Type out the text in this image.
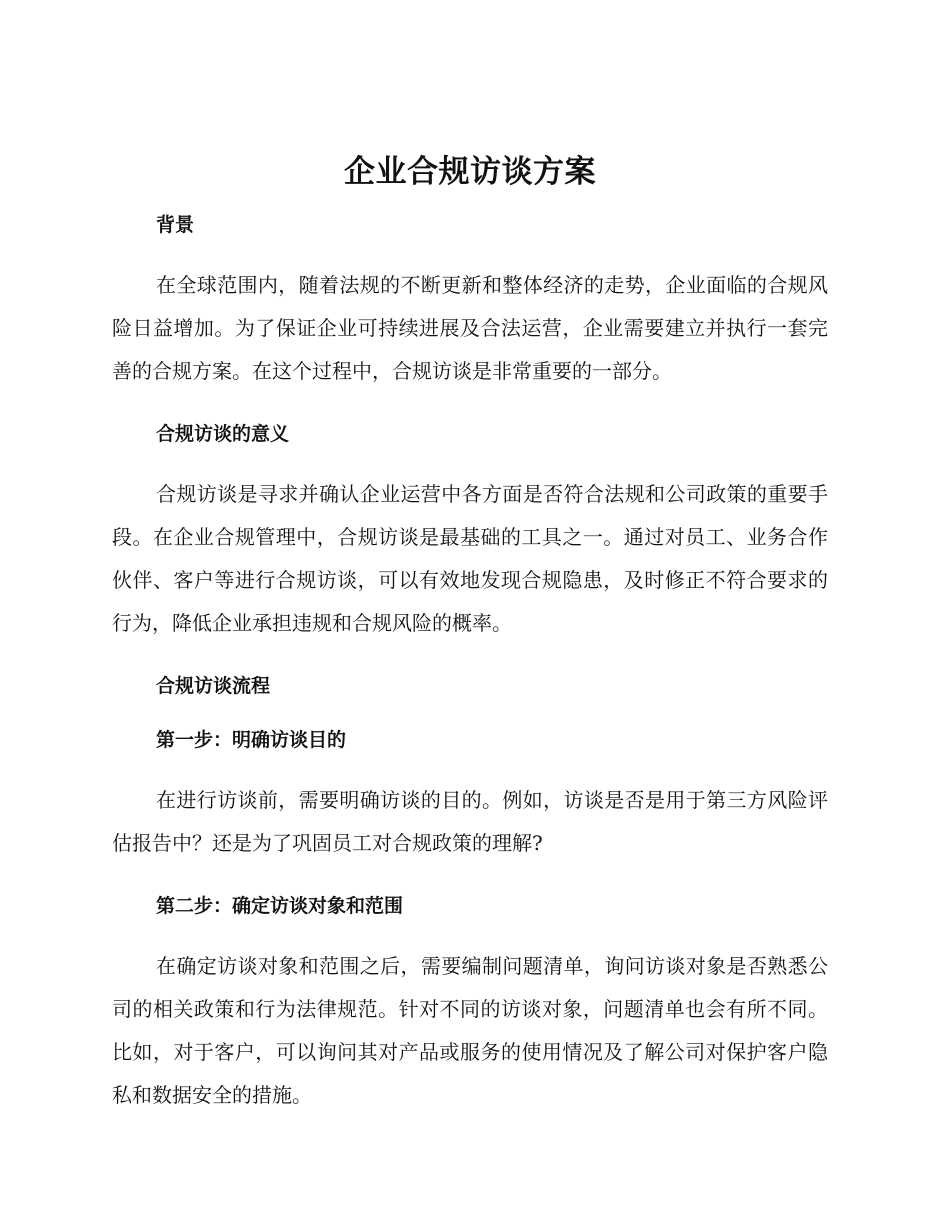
企业合规访谈方案
背景

在全球范围内，随着法规的不断更新和整体经济的走势，企业面临的合规风险日益增加。为了保证企业可持续进展及合法运营，企业需要建立并执行一套完善的合规方案。在这个过程中，合规访谈是非常重要的一部分。

合规访谈的意义

合规访谈是寻求并确认企业运营中各方面是否符合法规和公司政策的重要手段。在企业合规管理中，合规访谈是最基础的工具之一。通过对员工、业务合作伙伴、客户等进行合规访谈，可以有效地发现合规隐患，及时修正不符合要求的行为，降低企业承担违规和合规风险的概率。

合规访谈流程
第一步：明确访谈目的

在进行访谈前，需要明确访谈的目的。例如，访谈是否是用于第三方风险评估报告中？还是为了巩固员工对合规政策的理解?

第二步：确定访谈对象和范围

在确定访谈对象和范围之后，需要编制问题清单，询问访谈对象是否熟悉公司的相关政策和行为法律规范。针对不同的访谈对象，问题清单也会有所不同。比如，对于客户，可以询问其对产品或服务的使用情况及了解公司对保护客户隐私和数据安全的措施。
